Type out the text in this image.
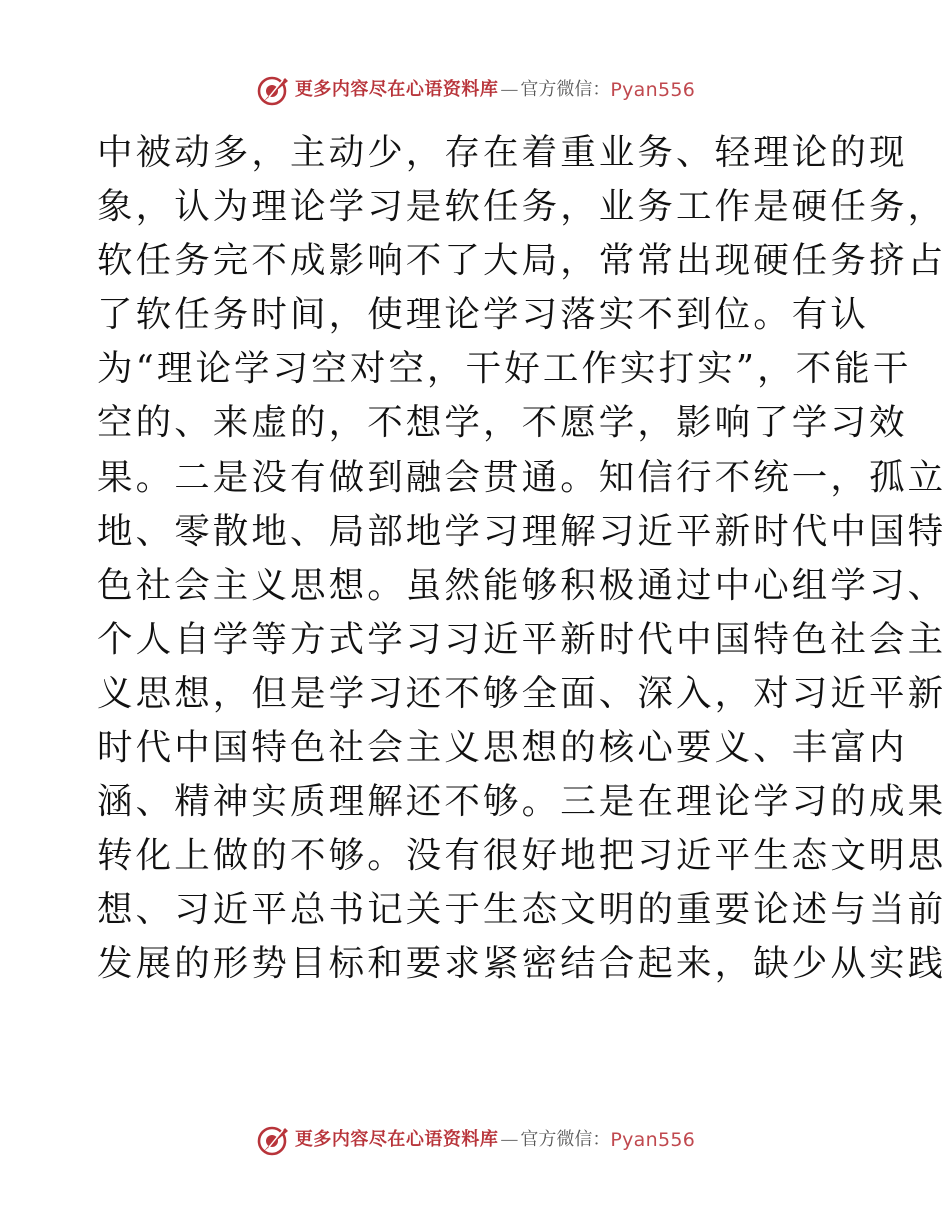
更多内容尽在心语资料库 — 官方微信： Pyan556
中被动多，主动少，存在着重业务、轻理论的现
象，认为理论学习是软任务，业务工作是硬任务，
软任务完不成影响不了大局，常常出现硬任务挤占
了软任务时间，使理论学习落实不到位。有认
为“理论学习空对空，干好工作实打实”，不能干
空的、来虚的，不想学，不愿学，影响了学习效
果。二是没有做到融会贯通。知信行不统一，孤立
地、零散地、局部地学习理解习近平新时代中国特
色社会主义思想。虽然能够积极通过中心组学习、
个人自学等方式学习习近平新时代中国特色社会主
义思想，但是学习还不够全面、深入，对习近平新
时代中国特色社会主义思想的核心要义、丰富内
涵、精神实质理解还不够。三是在理论学习的成果
转化上做的不够。没有很好地把习近平生态文明思
想、习近平总书记关于生态文明的重要论述与当前
发展的形势目标和要求紧密结合起来，缺少从实践
更多内容尽在心语资料库 — 官方微信： Pyan556
